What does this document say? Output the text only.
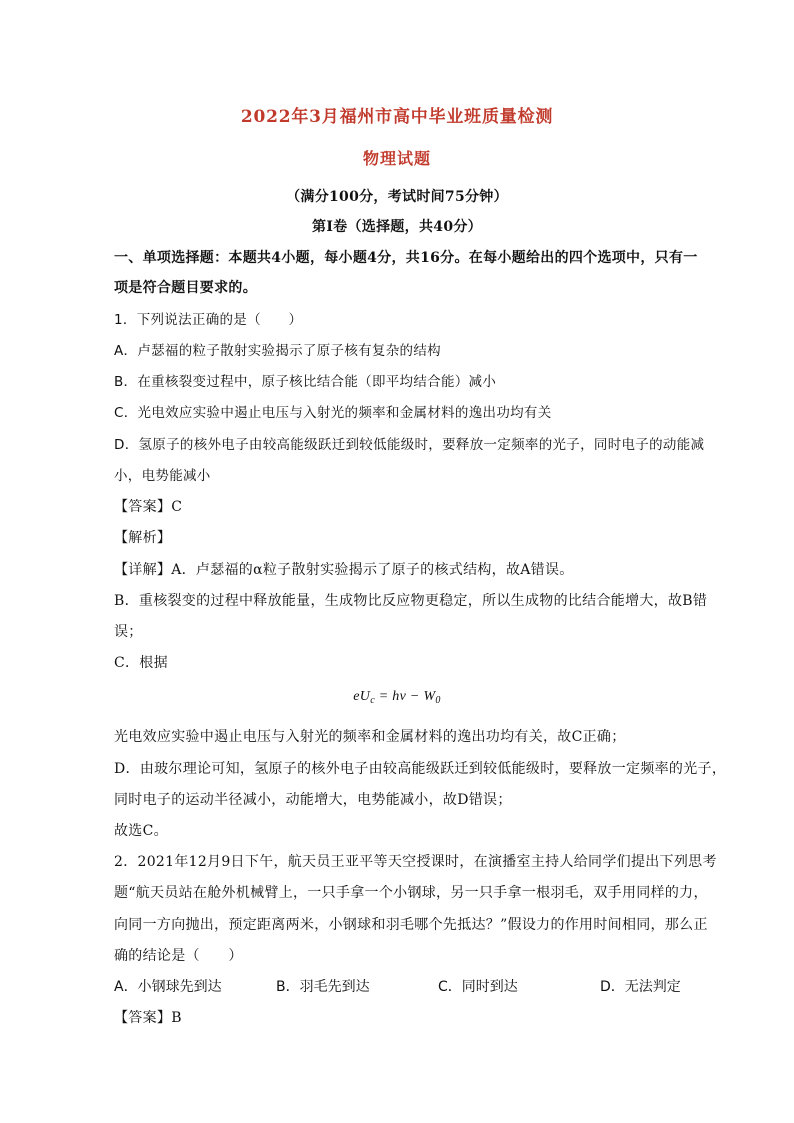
2022年3月福州市高中毕业班质量检测
物理试题
（满分100分，考试时间75分钟）
第Ⅰ卷（选择题，共40分）
一、单项选择题：本题共4小题，每小题4分，共16分。在每小题给出的四个选项中，只有一
项是符合题目要求的。
1．下列说法正确的是（　　）
A．卢瑟福的粒子散射实验揭示了原子核有复杂的结构
B．在重核裂变过程中，原子核比结合能（即平均结合能）减小
C．光电效应实验中遏止电压与入射光的频率和金属材料的逸出功均有关
D．氢原子的核外电子由较高能级跃迁到较低能级时，要释放一定频率的光子，同时电子的动能减
小，电势能减小
【答案】C
【解析】
【详解】A．卢瑟福的α粒子散射实验揭示了原子的核式结构，故A错误。
B．重核裂变的过程中释放能量，生成物比反应物更稳定，所以生成物的比结合能增大，故B错
误；
C．根据
$eU_c = h\nu - W_0$
光电效应实验中遏止电压与入射光的频率和金属材料的逸出功均有关，故C正确；
D．由玻尔理论可知，氢原子的核外电子由较高能级跃迁到较低能级时，要释放一定频率的光子，
同时电子的运动半径减小，动能增大，电势能减小，故D错误；
故选C。
2．2021年12月9日下午，航天员王亚平等天空授课时，在演播室主持人给同学们提出下列思考
题“航天员站在舱外机械臂上，一只手拿一个小钢球，另一只手拿一根羽毛，双手用同样的力，
向同一方向抛出，预定距离两米，小钢球和羽毛哪个先抵达？”假设力的作用时间相同，那么正
确的结论是（　　）
A．小钢球先到达	B．羽毛先到达	C．同时到达	D．无法判定
【答案】B
